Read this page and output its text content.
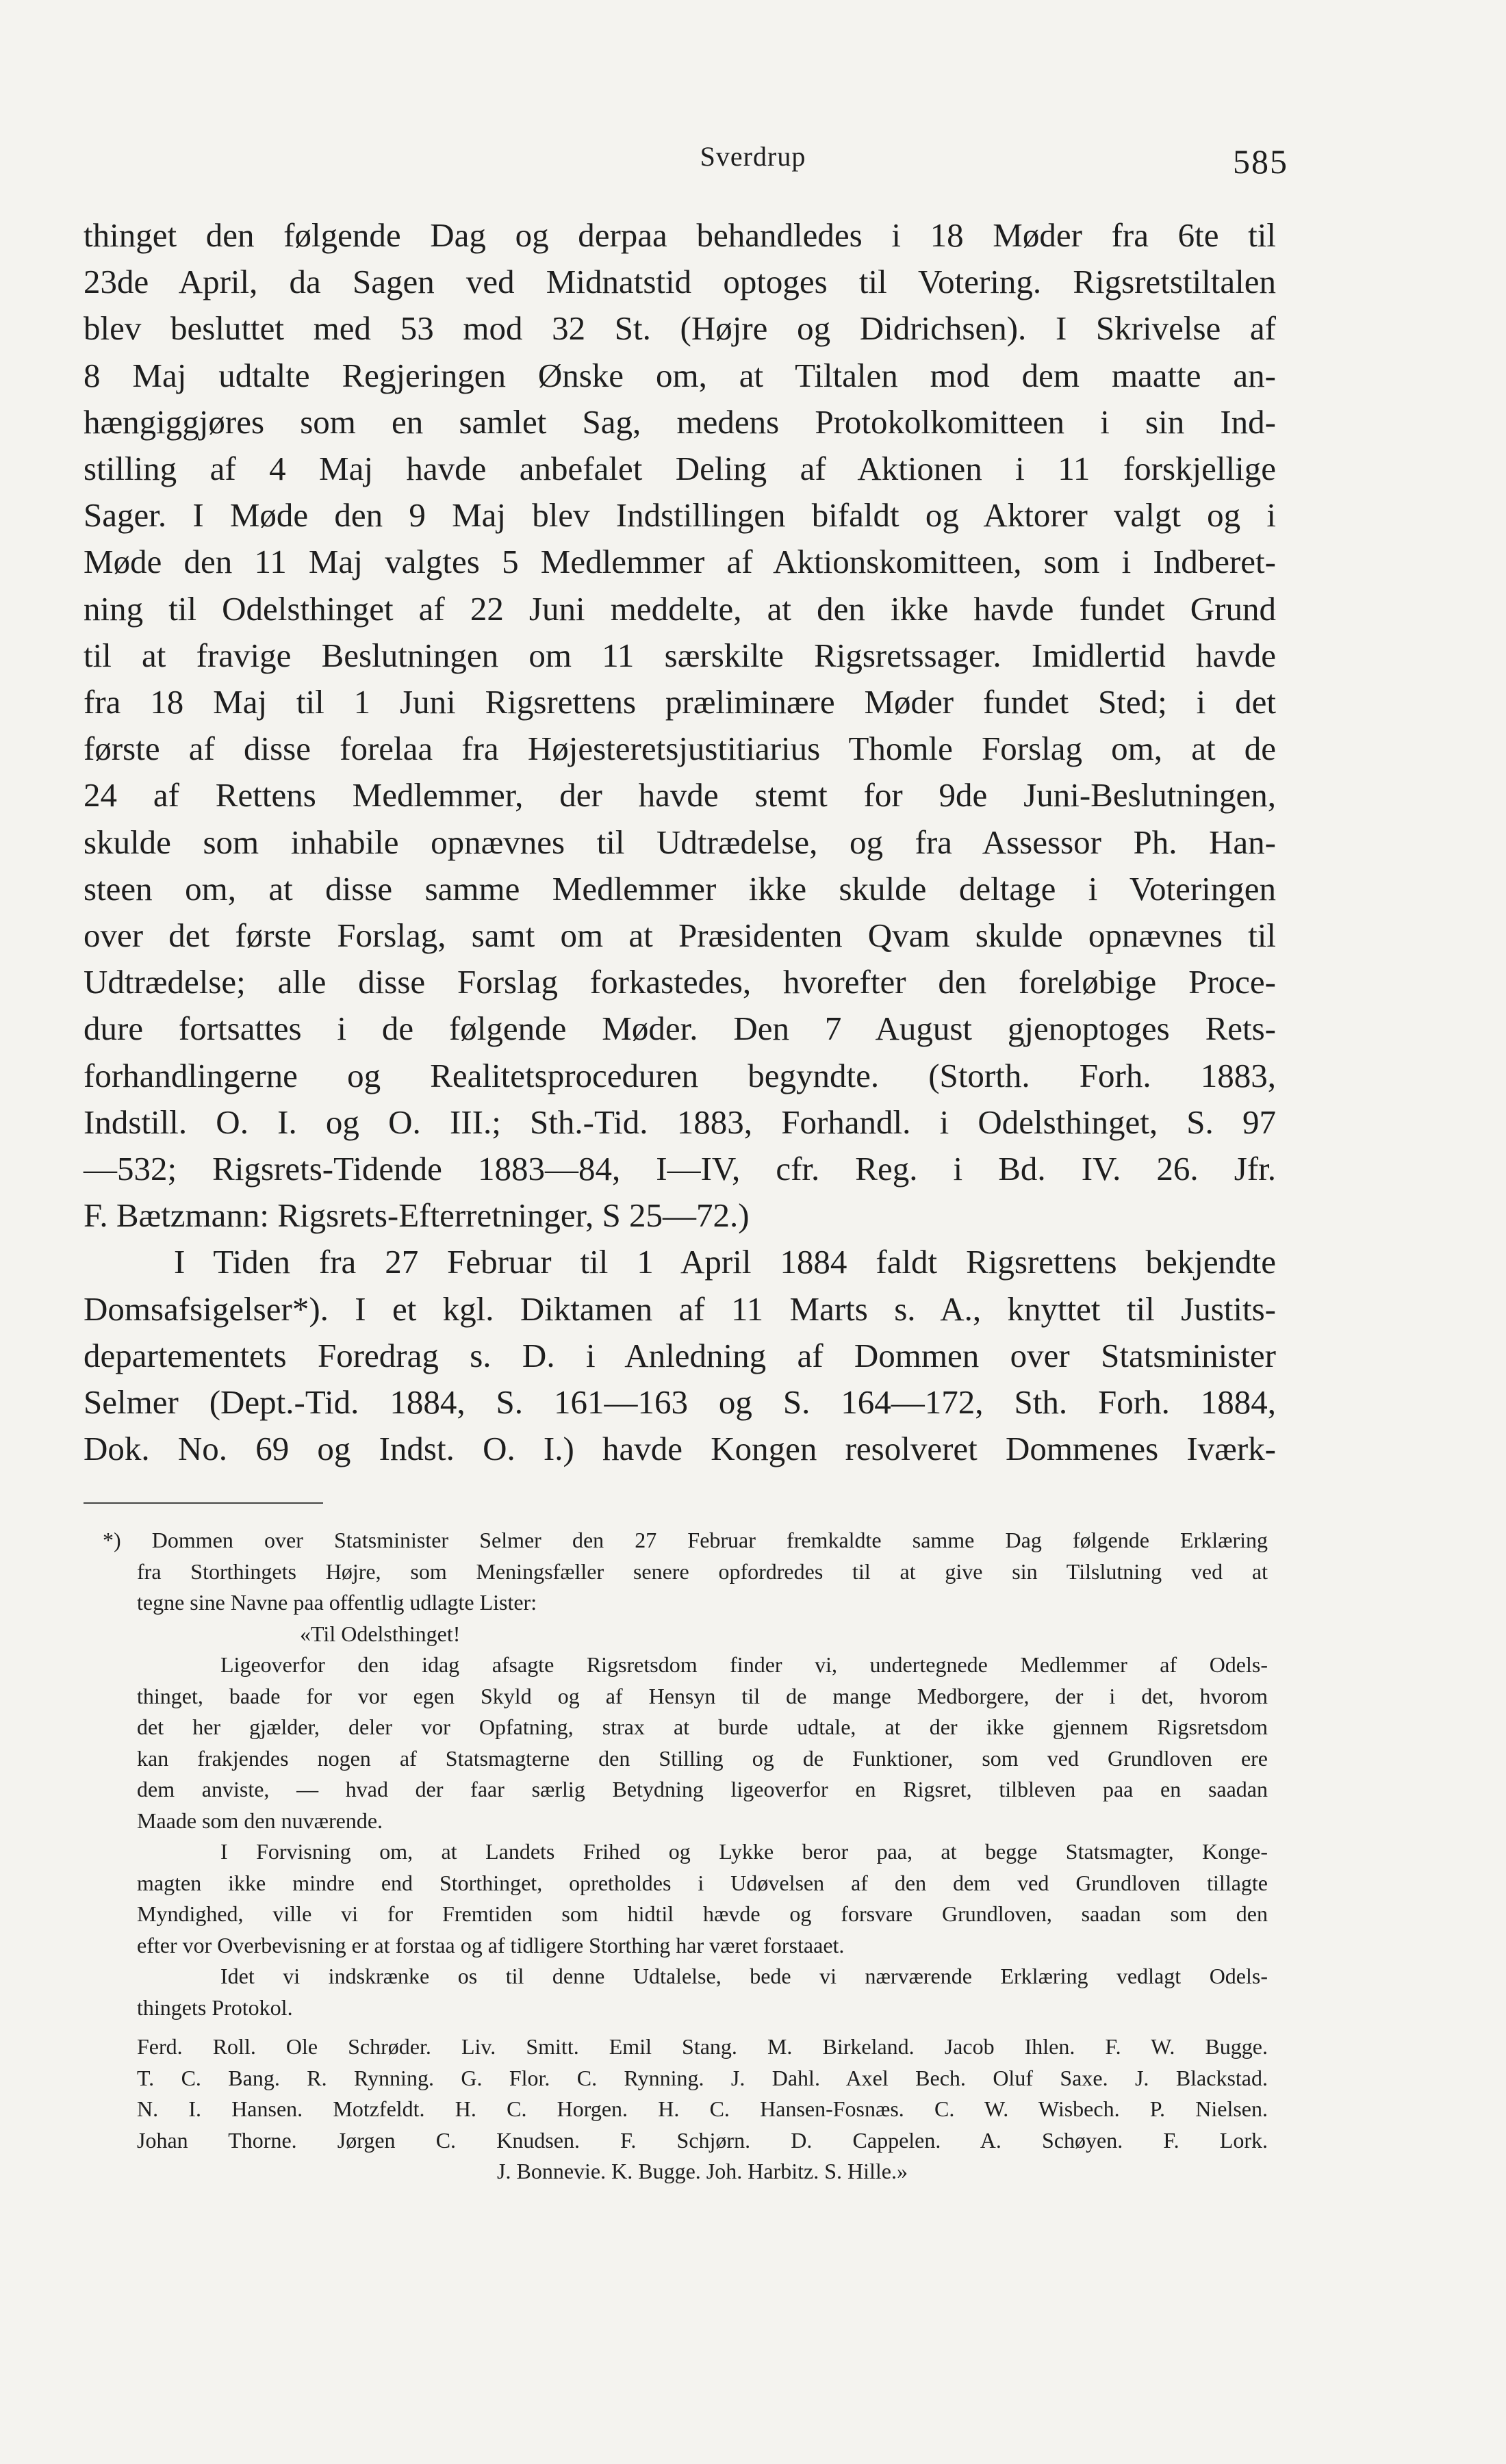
Sverdrup	585
thinget den følgende Dag og derpaa behandledes i 18 Møder fra 6te til
23de April, da Sagen ved Midnatstid optoges til Votering. Rigsretstiltalen
blev besluttet med 53 mod 32 St. (Højre og Didrichsen). I Skrivelse af
8 Maj udtalte Regjeringen Ønske om, at Tiltalen mod dem maatte an-
hængiggjøres som en samlet Sag, medens Protokolkomitteen i sin Ind-
stilling af 4 Maj havde anbefalet Deling af Aktionen i 11 forskjellige
Sager. I Møde den 9 Maj blev Indstillingen bifaldt og Aktorer valgt og i
Møde den 11 Maj valgtes 5 Medlemmer af Aktionskomitteen, som i Indberet-
ning til Odelsthinget af 22 Juni meddelte, at den ikke havde fundet Grund
til at fravige Beslutningen om 11 særskilte Rigsretssager. Imidlertid havde
fra 18 Maj til 1 Juni Rigsrettens præliminære Møder fundet Sted; i det
første af disse forelaa fra Højesteretsjustitiarius Thomle Forslag om, at de
24 af Rettens Medlemmer, der havde stemt for 9de Juni-Beslutningen,
skulde som inhabile opnævnes til Udtrædelse, og fra Assessor Ph. Han-
steen om, at disse samme Medlemmer ikke skulde deltage i Voteringen
over det første Forslag, samt om at Præsidenten Qvam skulde opnævnes til
Udtrædelse; alle disse Forslag forkastedes, hvorefter den foreløbige Proce-
dure fortsattes i de følgende Møder. Den 7 August gjenoptoges Rets-
forhandlingerne og Realitetsproceduren begyndte. (Storth. Forh. 1883,
Indstill. O. I. og O. III.; Sth.-Tid. 1883, Forhandl. i Odelsthinget, S. 97
—532; Rigsrets-Tidende 1883—84, I—IV, cfr. Reg. i Bd. IV. 26. Jfr.
F. Bætzmann: Rigsrets-Efterretninger, S 25—72.)
I Tiden fra 27 Februar til 1 April 1884 faldt Rigsrettens bekjendte
Domsafsigelser*). I et kgl. Diktamen af 11 Marts s. A., knyttet til Justits-
departementets Foredrag s. D. i Anledning af Dommen over Statsminister
Selmer (Dept.-Tid. 1884, S. 161—163 og S. 164—172, Sth. Forh. 1884,
Dok. No. 69 og Indst. O. I.) havde Kongen resolveret Dommenes Iværk-
*) Dommen over Statsminister Selmer den 27 Februar fremkaldte samme Dag følgende Erklæring
fra Storthingets Højre, som Meningsfæller senere opfordredes til at give sin Tilslutning ved at
tegne sine Navne paa offentlig udlagte Lister:
«Til Odelsthinget!
Ligeoverfor den idag afsagte Rigsretsdom finder vi, undertegnede Medlemmer af Odels-
thinget, baade for vor egen Skyld og af Hensyn til de mange Medborgere, der i det, hvorom
det her gjælder, deler vor Opfatning, strax at burde udtale, at der ikke gjennem Rigsretsdom
kan frakjendes nogen af Statsmagterne den Stilling og de Funktioner, som ved Grundloven ere
dem anviste, — hvad der faar særlig Betydning ligeoverfor en Rigsret, tilbleven paa en saadan
Maade som den nuværende.
I Forvisning om, at Landets Frihed og Lykke beror paa, at begge Statsmagter, Konge-
magten ikke mindre end Storthinget, opretholdes i Udøvelsen af den dem ved Grundloven tillagte
Myndighed, ville vi for Fremtiden som hidtil hævde og forsvare Grundloven, saadan som den
efter vor Overbevisning er at forstaa og af tidligere Storthing har været forstaaet.
Idet vi indskrænke os til denne Udtalelse, bede vi nærværende Erklæring vedlagt Odels-
thingets Protokol.
Ferd. Roll. Ole Schrøder. Liv. Smitt. Emil Stang. M. Birkeland. Jacob Ihlen. F. W. Bugge.
T. C. Bang. R. Rynning. G. Flor. C. Rynning. J. Dahl. Axel Bech. Oluf Saxe. J. Blackstad.
N. I. Hansen. Motzfeldt. H. C. Horgen. H. C. Hansen-Fosnæs. C. W. Wisbech. P. Nielsen.
Johan Thorne. Jørgen C. Knudsen. F. Schjørn. D. Cappelen. A. Schøyen. F. Lork.
J. Bonnevie. K. Bugge. Joh. Harbitz. S. Hille.»
